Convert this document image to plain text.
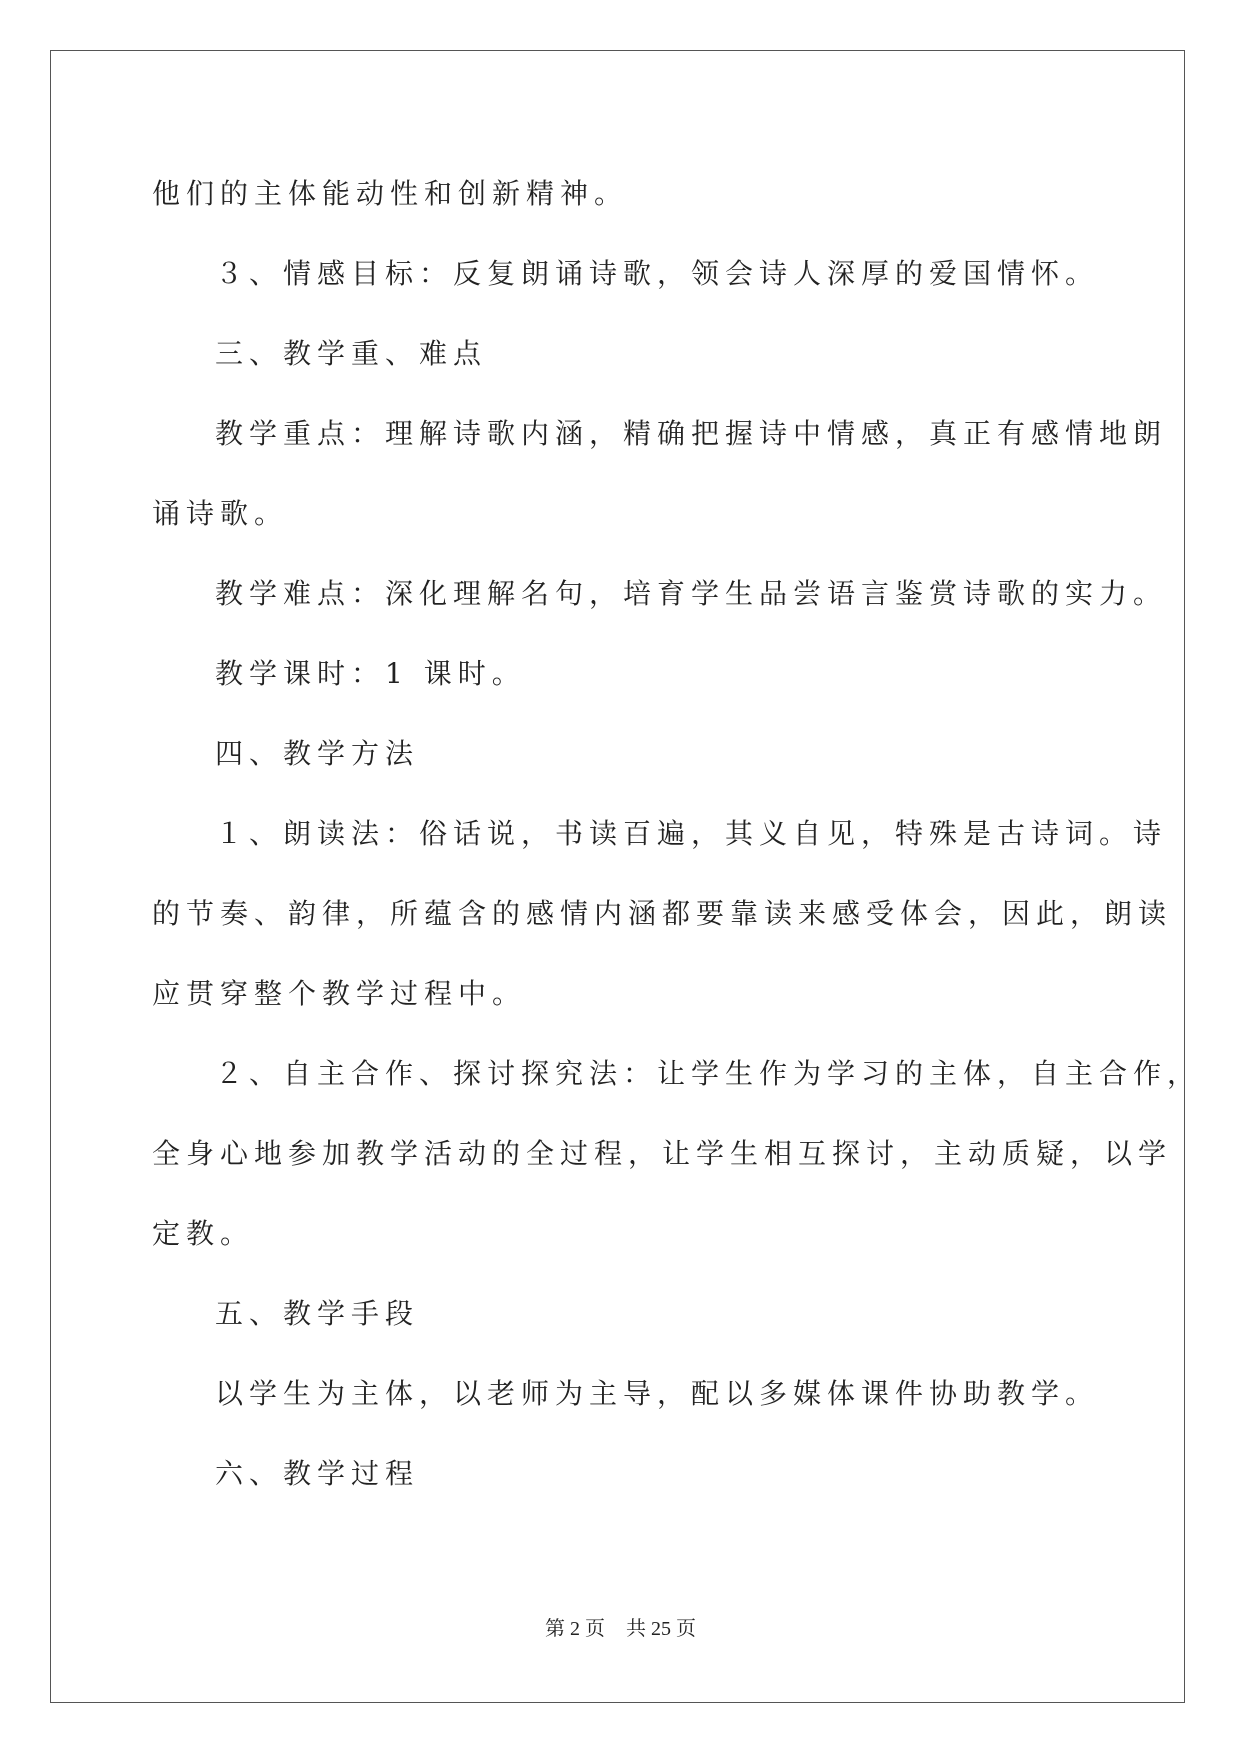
他们的主体能动性和创新精神。
３、情感目标：反复朗诵诗歌，领会诗人深厚的爱国情怀。
三、教学重、难点
教学重点：理解诗歌内涵，精确把握诗中情感，真正有感情地朗
诵诗歌。
教学难点：深化理解名句，培育学生品尝语言鉴赏诗歌的实力。
教学课时：1 课时。
四、教学方法
１、朗读法：俗话说，书读百遍，其义自见，特殊是古诗词。诗
的节奏、韵律，所蕴含的感情内涵都要靠读来感受体会，因此，朗读
应贯穿整个教学过程中。
２、自主合作、探讨探究法：让学生作为学习的主体，自主合作，
全身心地参加教学活动的全过程，让学生相互探讨，主动质疑，以学
定教。
五、教学手段
以学生为主体，以老师为主导，配以多媒体课件协助教学。
六、教学过程
第 2 页 共 25 页
